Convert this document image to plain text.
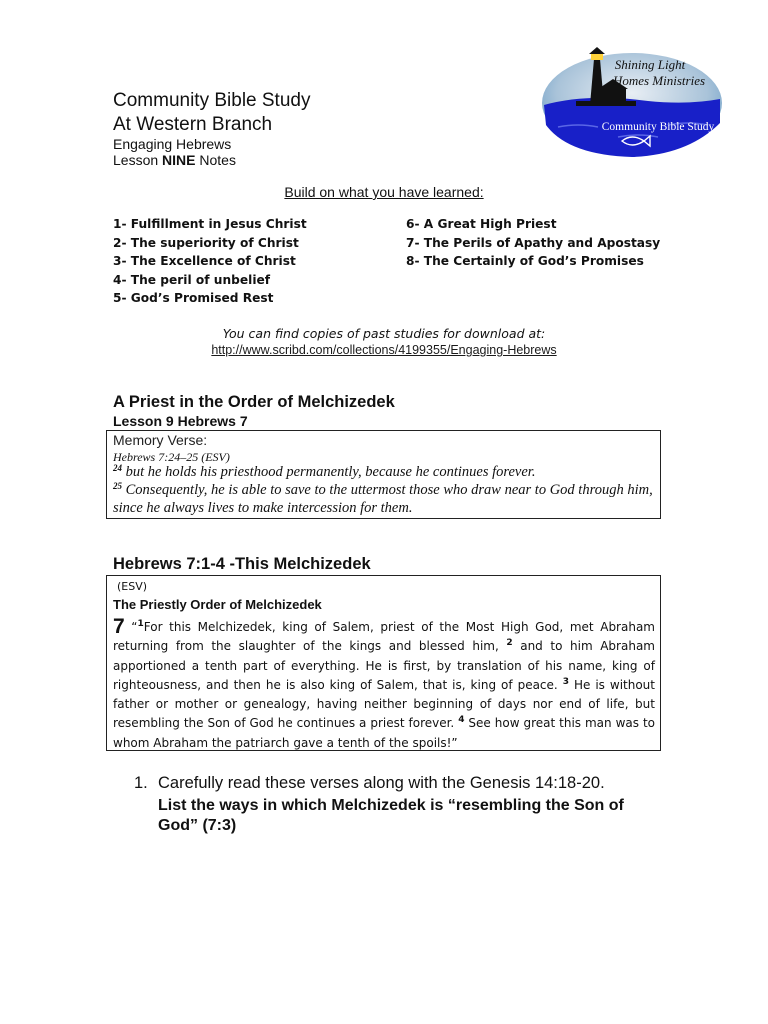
Community Bible Study
At Western Branch
Engaging Hebrews
Lesson NINE Notes
Shining Light
Homes Ministries
Community Bible Study
Build on what you have learned:
1- Fulfillment in Jesus Christ
2- The superiority of Christ
3- The Excellence of Christ
4- The peril of unbelief
5- God’s Promised Rest
6- A Great High Priest
7- The Perils of Apathy and Apostasy
8- The Certainly of God’s Promises
You can find copies of past studies for download at:
http://www.scribd.com/collections/4199355/Engaging-Hebrews
A Priest in the Order of Melchizedek
Lesson 9 Hebrews 7
Memory Verse:
Hebrews 7:24–25 (ESV)
$^{24}$ but he holds his priesthood permanently, because he continues forever.
$^{25}$ Consequently, he is able to save to the uttermost those who draw near to God through him, since he always lives to make intercession for them.
Hebrews 7:1-4 -This Melchizedek
(ESV)
The Priestly Order of Melchizedek
7 “$^1$For this Melchizedek, king of Salem, priest of the Most High God, met Abraham returning from the slaughter of the kings and blessed him, $^2$ and to him Abraham apportioned a tenth part of everything. He is first, by translation of his name, king of righteousness, and then he is also king of Salem, that is, king of peace. $^3$ He is without father or mother or genealogy, having neither beginning of days nor end of life, but resembling the Son of God he continues a priest forever. $^4$ See how great this man was to whom Abraham the patriarch gave a tenth of the spoils!”
1. Carefully read these verses along with the Genesis 14:18-20.
List the ways in which Melchizedek is “resembling the Son of God” (7:3)
